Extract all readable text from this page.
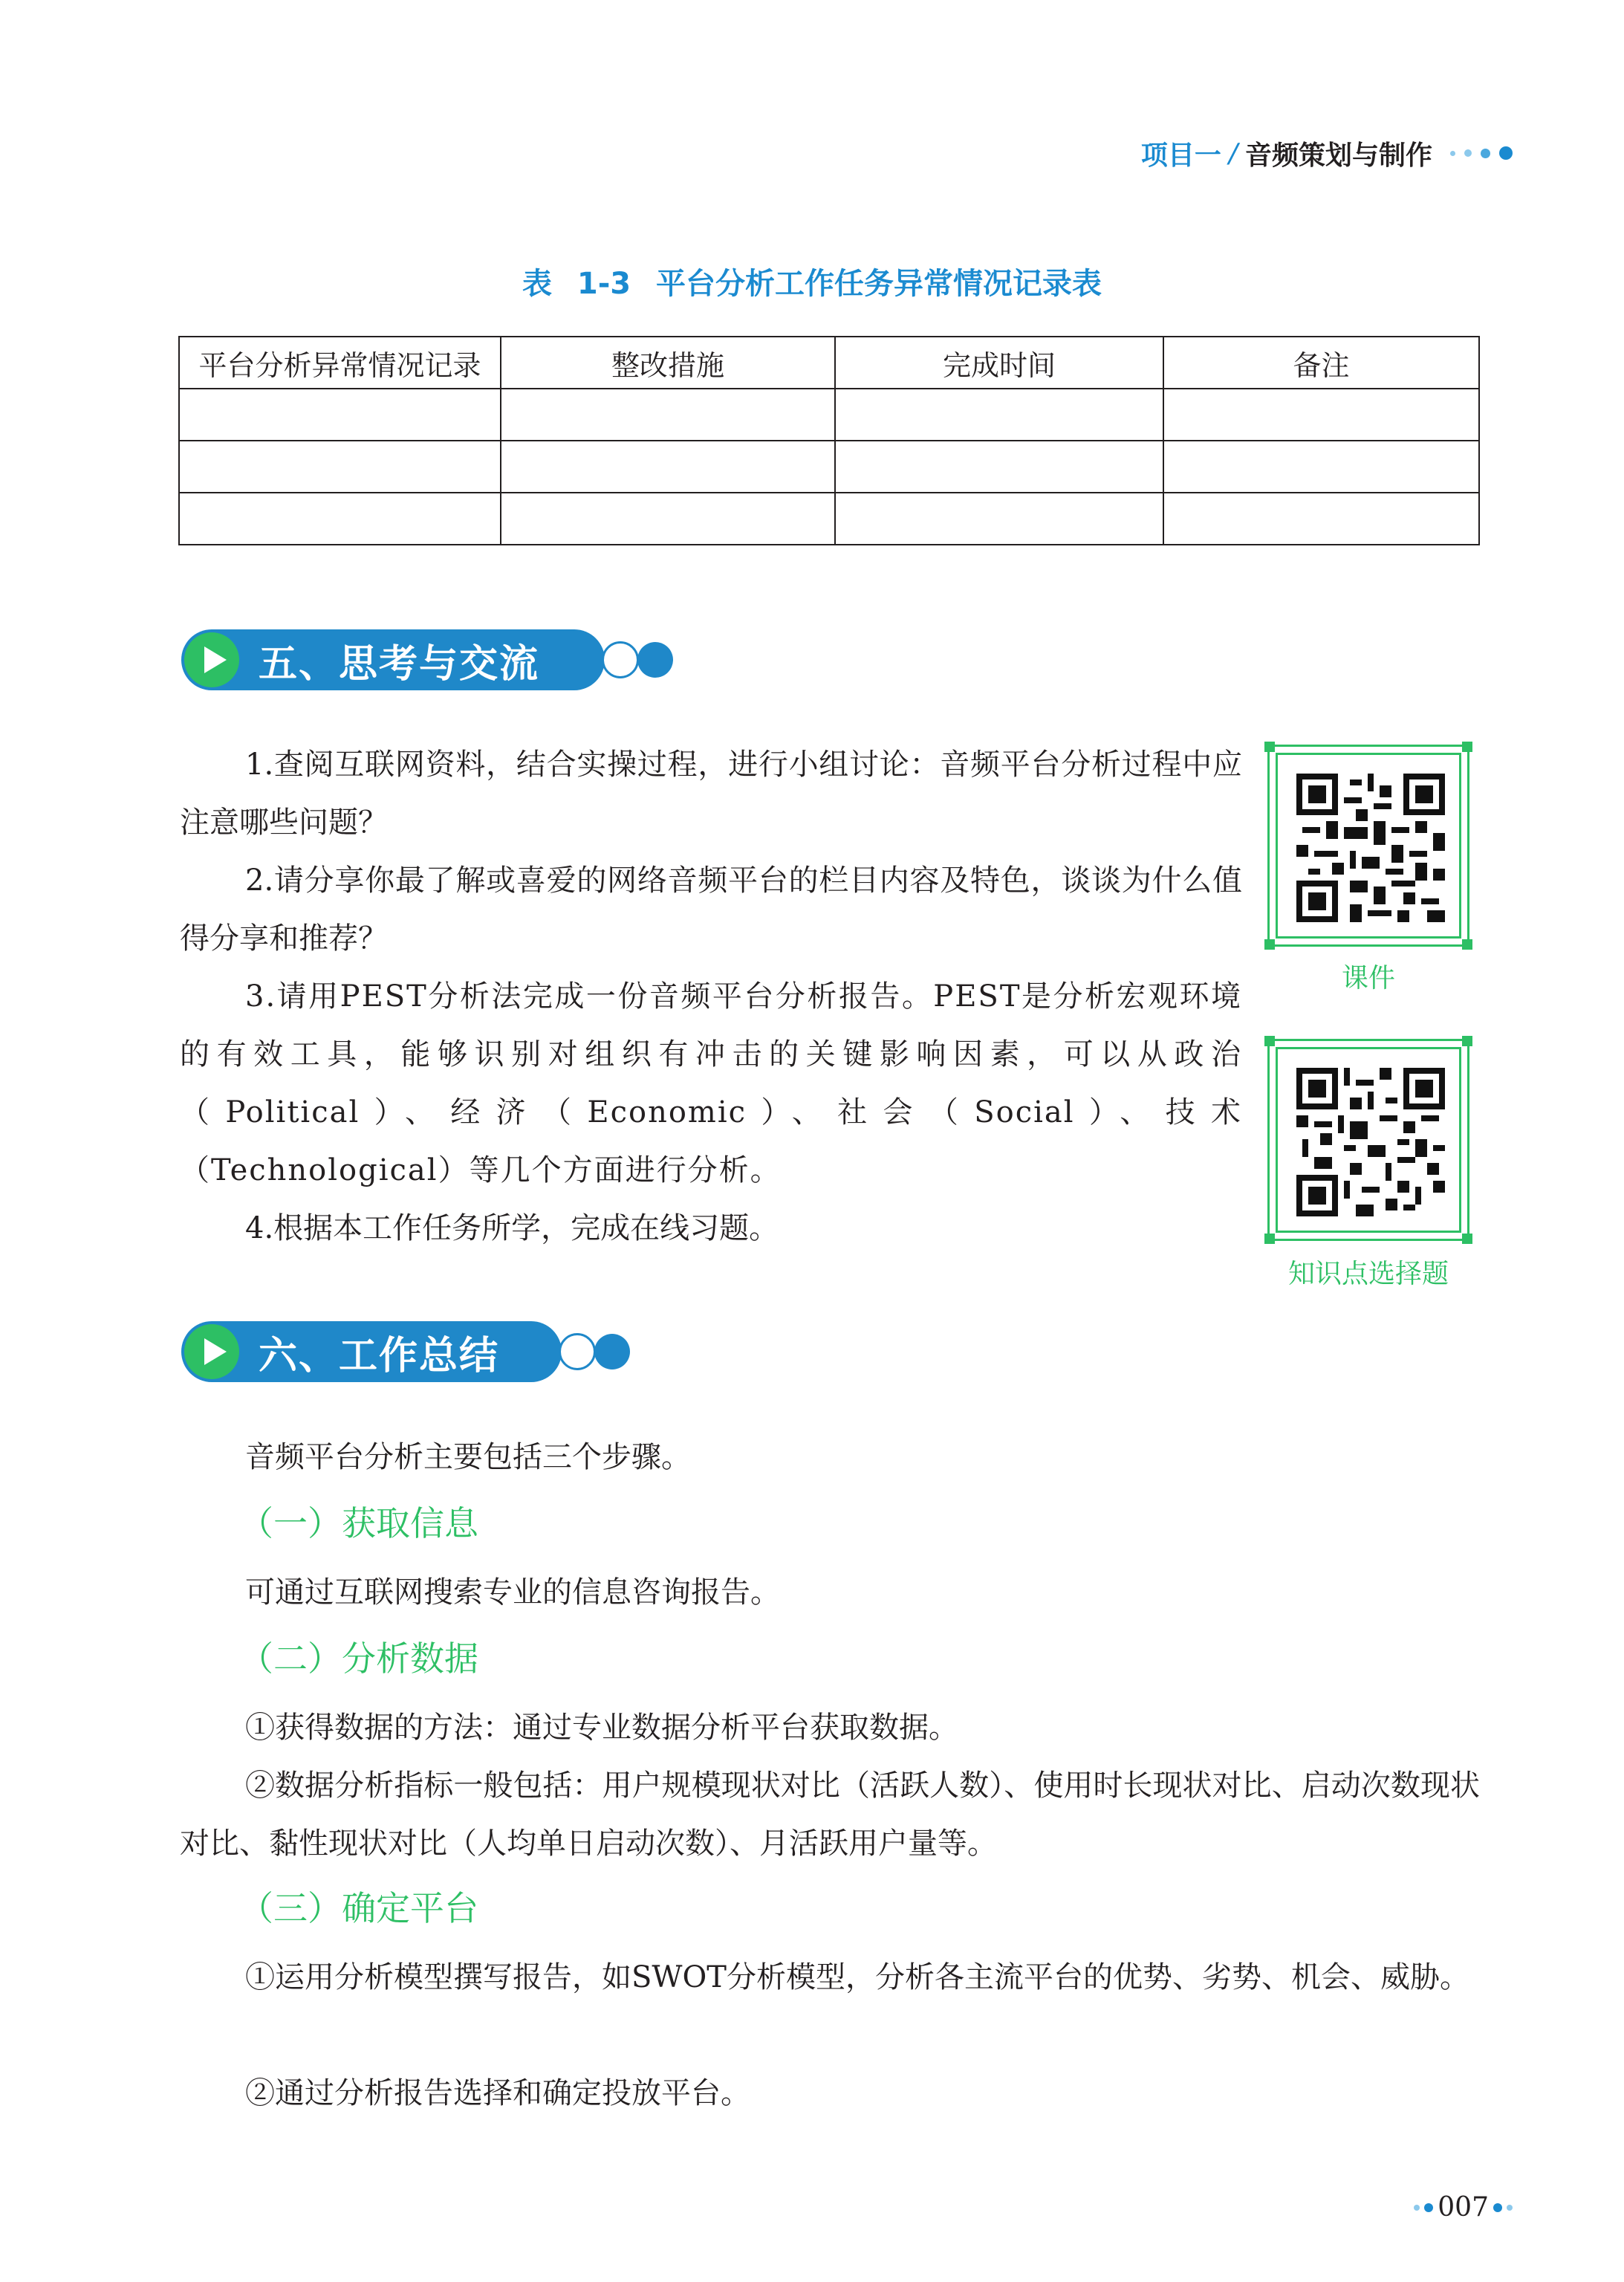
项目一 / 音频策划与制作
表 1-3 平台分析工作任务异常情况记录表
平台分析异常情况记录	整改措施	完成时间	备注

五、思考与交流

1.查阅互联网资料，结合实操过程，进行小组讨论：音频平台分析过程中应注意哪些问题？

2.请分享你最了解或喜爱的网络音频平台的栏目内容及特色，谈谈为什么值得分享和推荐？

3.请用PEST分析法完成一份音频平台分析报告。PEST是分析宏观环境的有效工具，能够识别对组织有冲击的关键影响因素，可以从政治（Political）、经济（Economic）、社会（Social）、技术（Technological）等几个方面进行分析。

4.根据本工作任务所学，完成在线习题。

课件
知识点选择题
六、工作总结

音频平台分析主要包括三个步骤。

（一）获取信息

可通过互联网搜索专业的信息咨询报告。

（二）分析数据

①获得数据的方法：通过专业数据分析平台获取数据。

②数据分析指标一般包括：用户规模现状对比（活跃人数）、使用时长现状对比、启动次数现状对比、黏性现状对比（人均单日启动次数）、月活跃用户量等。

（三）确定平台

①运用分析模型撰写报告，如SWOT分析模型，分析各主流平台的优势、劣势、机会、威胁。

②通过分析报告选择和确定投放平台。

007
